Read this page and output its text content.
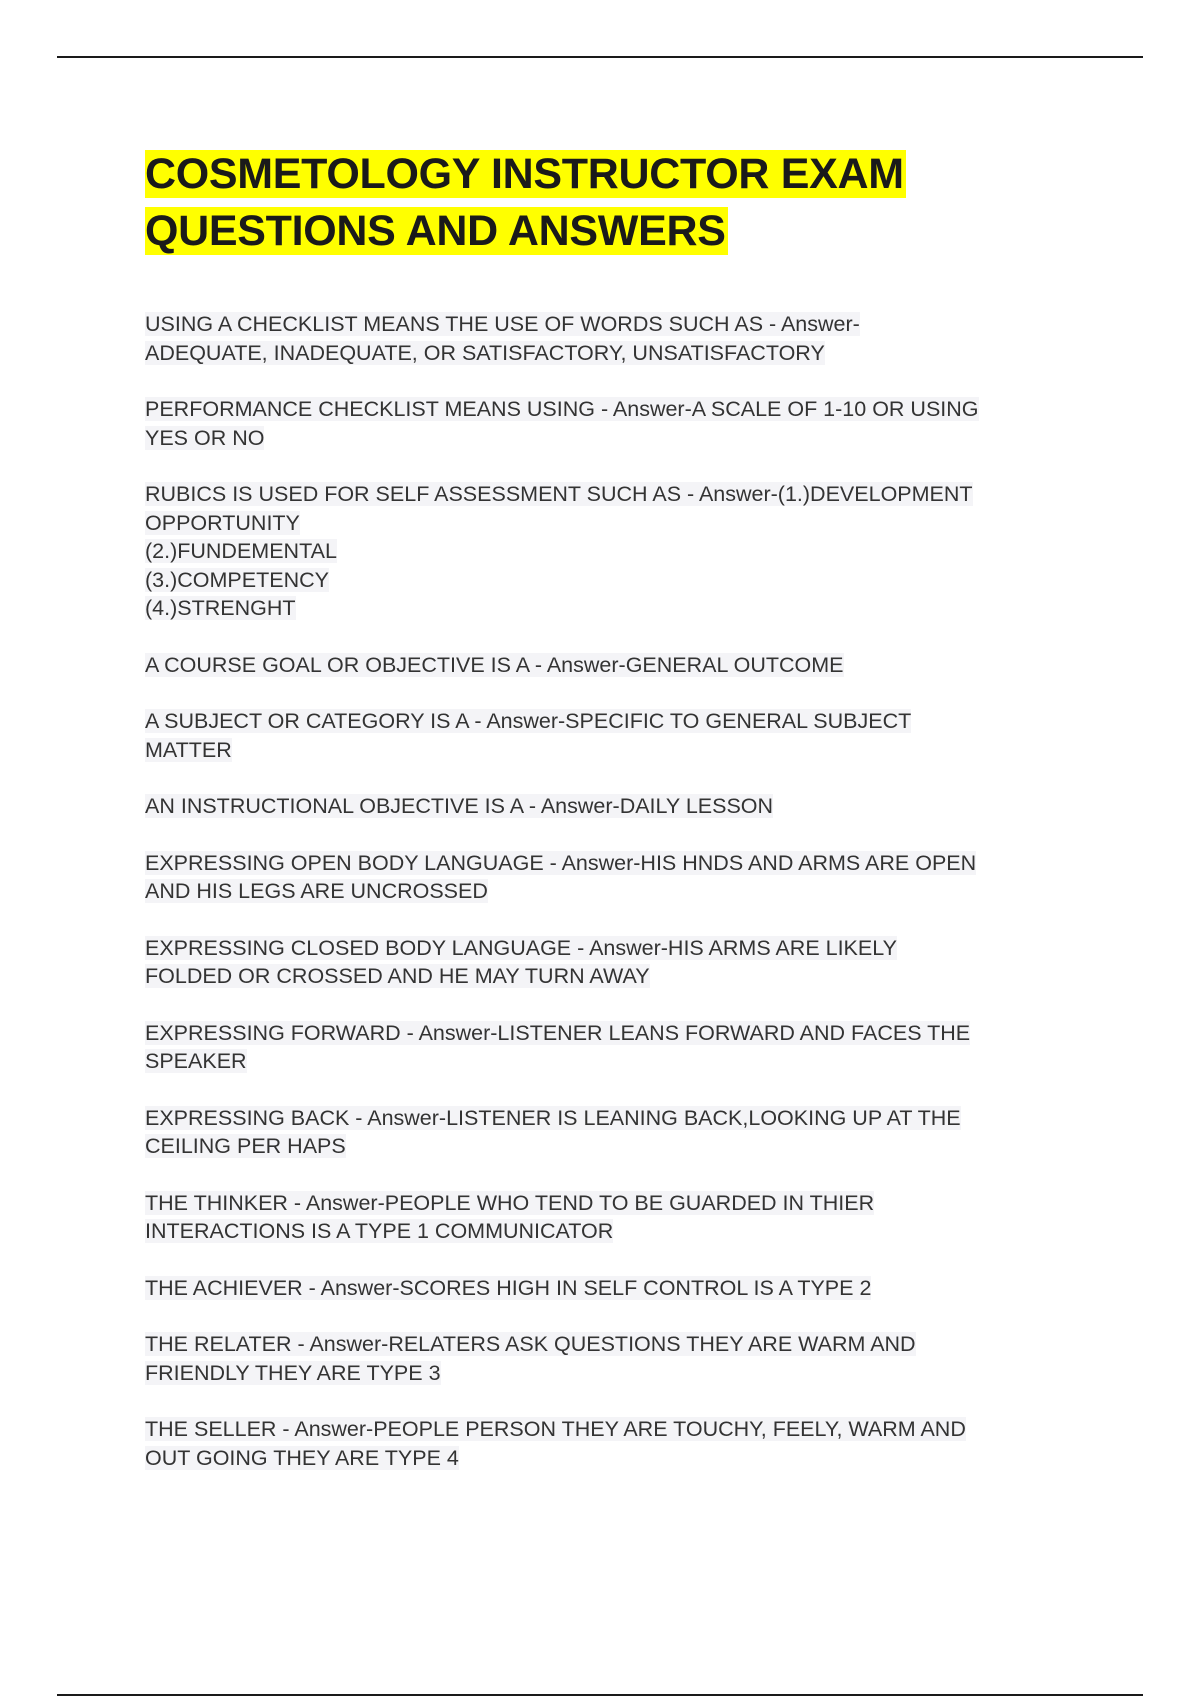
COSMETOLOGY INSTRUCTOR EXAM
QUESTIONS AND ANSWERS
USING A CHECKLIST MEANS THE USE OF WORDS SUCH AS - Answer-
ADEQUATE, INADEQUATE, OR SATISFACTORY, UNSATISFACTORY
PERFORMANCE CHECKLIST MEANS USING - Answer-A SCALE OF 1-10 OR USING
YES OR NO
RUBICS IS USED FOR SELF ASSESSMENT SUCH AS - Answer-(1.)DEVELOPMENT
OPPORTUNITY
(2.)FUNDEMENTAL
(3.)COMPETENCY
(4.)STRENGHT
A COURSE GOAL OR OBJECTIVE IS A - Answer-GENERAL OUTCOME
A SUBJECT OR CATEGORY IS A - Answer-SPECIFIC TO GENERAL SUBJECT
MATTER
AN INSTRUCTIONAL OBJECTIVE IS A - Answer-DAILY LESSON
EXPRESSING OPEN BODY LANGUAGE - Answer-HIS HNDS AND ARMS ARE OPEN
AND HIS LEGS ARE UNCROSSED
EXPRESSING CLOSED BODY LANGUAGE - Answer-HIS ARMS ARE LIKELY
FOLDED OR CROSSED AND HE MAY TURN AWAY
EXPRESSING FORWARD - Answer-LISTENER LEANS FORWARD AND FACES THE
SPEAKER
EXPRESSING BACK - Answer-LISTENER IS LEANING BACK,LOOKING UP AT THE
CEILING PER HAPS
THE THINKER - Answer-PEOPLE WHO TEND TO BE GUARDED IN THIER
INTERACTIONS IS A TYPE 1 COMMUNICATOR
THE ACHIEVER - Answer-SCORES HIGH IN SELF CONTROL IS A TYPE 2
THE RELATER - Answer-RELATERS ASK QUESTIONS THEY ARE WARM AND
FRIENDLY THEY ARE TYPE 3
THE SELLER - Answer-PEOPLE PERSON THEY ARE TOUCHY, FEELY, WARM AND
OUT GOING THEY ARE TYPE 4
